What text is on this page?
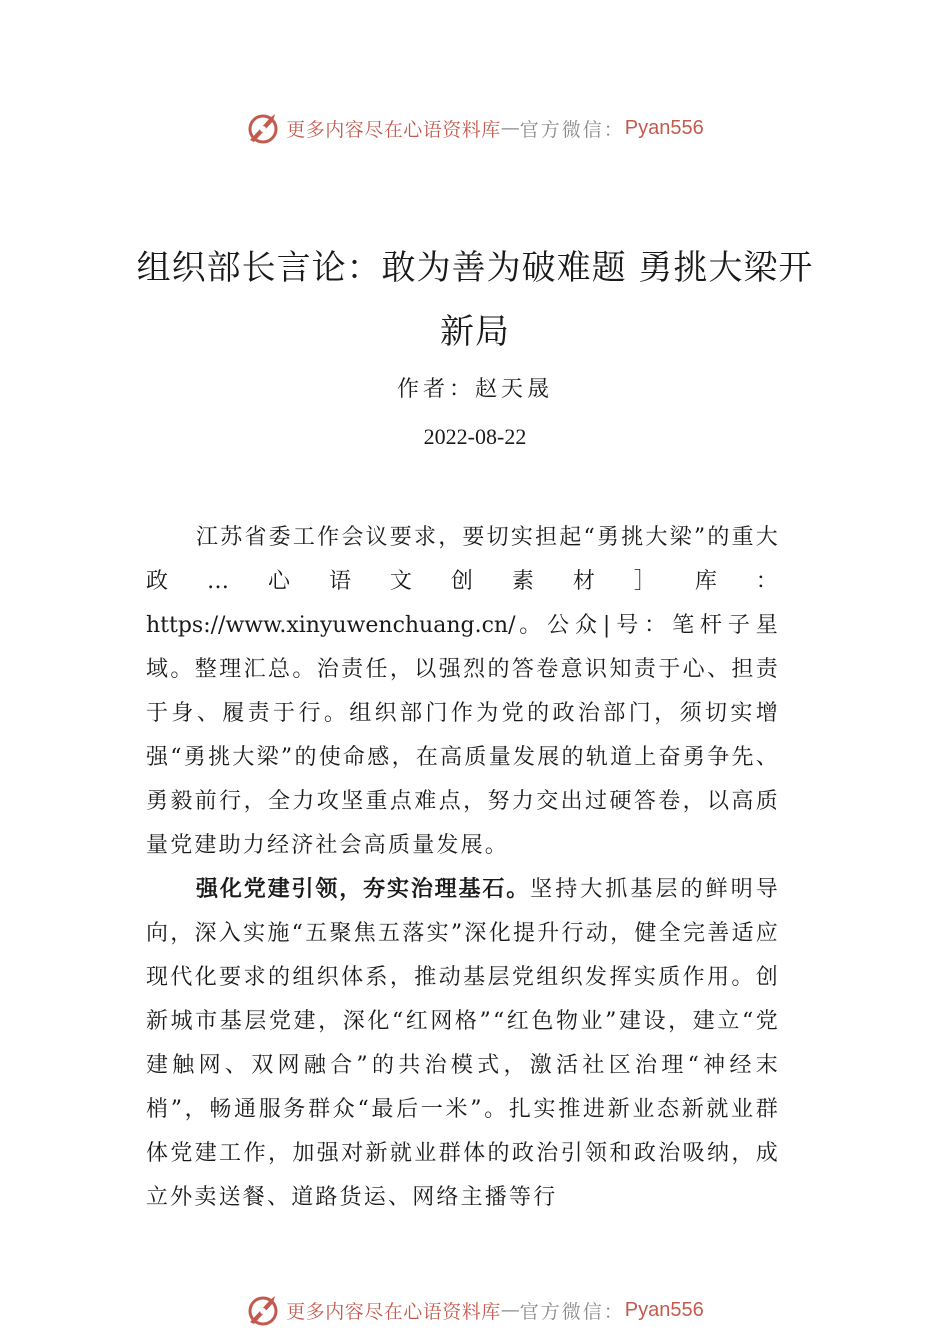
更多内容尽在心语资料库 — 官方微信： Pyan556
组织部长言论：敢为善为破难题 勇挑大梁开新局
作者：赵天晟
2022-08-22

江苏省委工作会议要求，要切实担起“勇挑大梁”的重大政…心语文创素材］库：https://www.xinyuwenchuang.cn/。公众|号：笔杆子星域。整理汇总。治责任，以强烈的答卷意识知责于心、担责于身、履责于行。组织部门作为党的政治部门，须切实增强“勇挑大梁”的使命感，在高质量发展的轨道上奋勇争先、勇毅前行，全力攻坚重点难点，努力交出过硬答卷，以高质量党建助力经济社会高质量发展。

强化党建引领，夯实治理基石。坚持大抓基层的鲜明导向，深入实施“五聚焦五落实”深化提升行动，健全完善适应现代化要求的组织体系，推动基层党组织发挥实质作用。创新城市基层党建，深化“红网格”“红色物业”建设，建立“党建触网、双网融合”的共治模式，激活社区治理“神经末梢”，畅通服务群众“最后一米”。扎实推进新业态新就业群体党建工作，加强对新就业群体的政治引领和政治吸纳，成立外卖送餐、道路货运、网络主播等行

更多内容尽在心语资料库 — 官方微信： Pyan556
